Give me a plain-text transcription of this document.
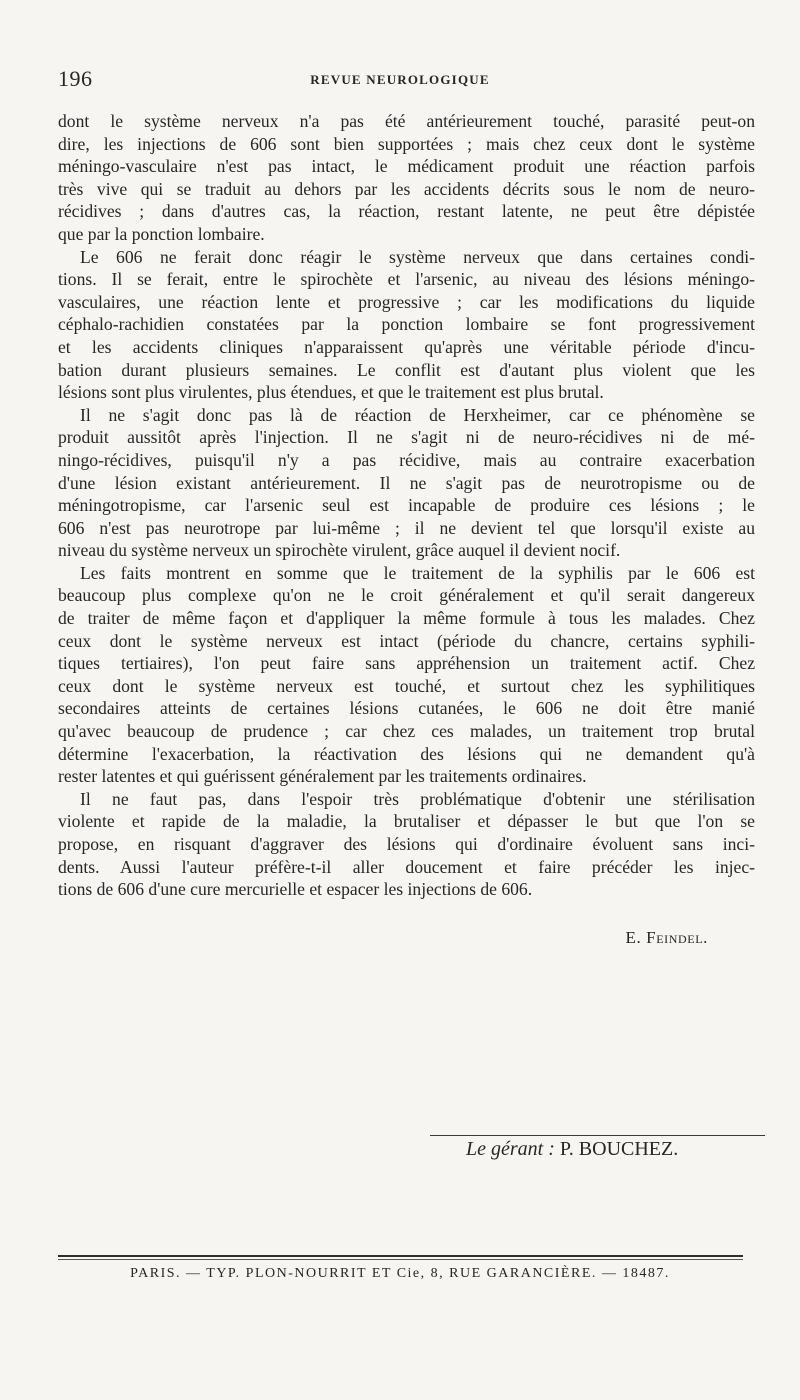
196	REVUE NEUROLOGIQUE
dont le système nerveux n'a pas été antérieurement touché, parasité peut-on
dire, les injections de 606 sont bien supportées ; mais chez ceux dont le système
méningo-vasculaire n'est pas intact, le médicament produit une réaction parfois
très vive qui se traduit au dehors par les accidents décrits sous le nom de neuro-
récidives ; dans d'autres cas, la réaction, restant latente, ne peut être dépistée
que par la ponction lombaire.
Le 606 ne ferait donc réagir le système nerveux que dans certaines condi-
tions. Il se ferait, entre le spirochète et l'arsenic, au niveau des lésions méningo-
vasculaires, une réaction lente et progressive ; car les modifications du liquide
céphalo-rachidien constatées par la ponction lombaire se font progressivement
et les accidents cliniques n'apparaissent qu'après une véritable période d'incu-
bation durant plusieurs semaines. Le conflit est d'autant plus violent que les
lésions sont plus virulentes, plus étendues, et que le traitement est plus brutal.
Il ne s'agit donc pas là de réaction de Herxheimer, car ce phénomène se
produit aussitôt après l'injection. Il ne s'agit ni de neuro-récidives ni de mé-
ningo-récidives, puisqu'il n'y a pas récidive, mais au contraire exacerbation
d'une lésion existant antérieurement. Il ne s'agit pas de neurotropisme ou de
méningotropisme, car l'arsenic seul est incapable de produire ces lésions ; le
606 n'est pas neurotrope par lui-même ; il ne devient tel que lorsqu'il existe au
niveau du système nerveux un spirochète virulent, grâce auquel il devient nocif.
Les faits montrent en somme que le traitement de la syphilis par le 606 est
beaucoup plus complexe qu'on ne le croit généralement et qu'il serait dangereux
de traiter de même façon et d'appliquer la même formule à tous les malades. Chez
ceux dont le système nerveux est intact (période du chancre, certains syphili-
tiques tertiaires), l'on peut faire sans appréhension un traitement actif. Chez
ceux dont le système nerveux est touché, et surtout chez les syphilitiques
secondaires atteints de certaines lésions cutanées, le 606 ne doit être manié
qu'avec beaucoup de prudence ; car chez ces malades, un traitement trop brutal
détermine l'exacerbation, la réactivation des lésions qui ne demandent qu'à
rester latentes et qui guérissent généralement par les traitements ordinaires.
Il ne faut pas, dans l'espoir très problématique d'obtenir une stérilisation
violente et rapide de la maladie, la brutaliser et dépasser le but que l'on se
propose, en risquant d'aggraver des lésions qui d'ordinaire évoluent sans inci-
dents. Aussi l'auteur préfère-t-il aller doucement et faire précéder les injec-
tions de 606 d'une cure mercurielle et espacer les injections de 606.
E. Feindel.
Le gérant : P. BOUCHEZ.
PARIS. — TYP. PLON-NOURRIT ET Cie, 8, RUE GARANCIÈRE. — 18487.
